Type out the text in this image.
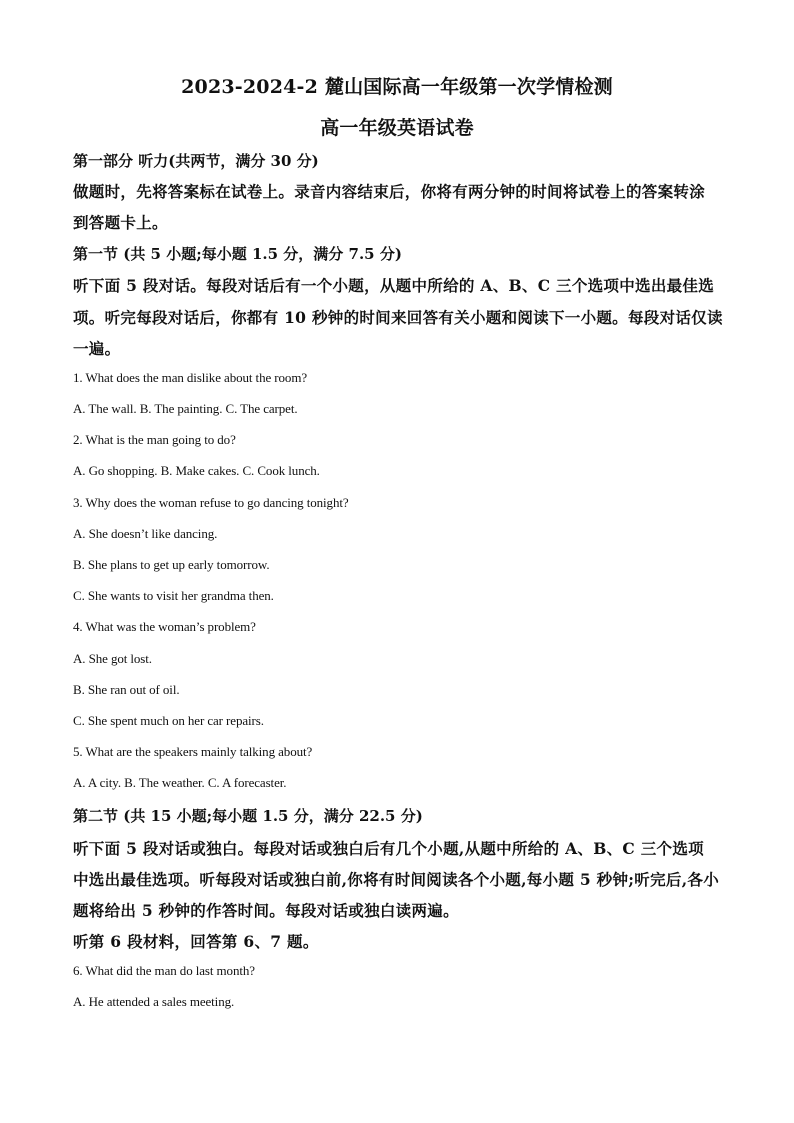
2023-2024-2 麓山国际高一年级第一次学情检测
高一年级英语试卷
第一部分 听力(共两节，满分 30 分)
做题时，先将答案标在试卷上。录音内容结束后，你将有两分钟的时间将试卷上的答案转涂
到答题卡上。
第一节 (共 5 小题;每小题 1.5 分，满分 7.5 分)
听下面 5 段对话。每段对话后有一个小题，从题中所给的 A、B、C 三个选项中选出最佳选
项。听完每段对话后，你都有 10 秒钟的时间来回答有关小题和阅读下一小题。每段对话仅读
一遍。
1. What does the man dislike about the room?
A. The wall. B. The painting. C. The carpet.
2. What is the man going to do?
A. Go shopping. B. Make cakes. C. Cook lunch.
3. Why does the woman refuse to go dancing tonight?
A. She doesn’t like dancing.
B. She plans to get up early tomorrow.
C. She wants to visit her grandma then.
4. What was the woman’s problem?
A. She got lost.
B. She ran out of oil.
C. She spent much on her car repairs.
5. What are the speakers mainly talking about?
A. A city. B. The weather. C. A forecaster.
第二节 (共 15 小题;每小题 1.5 分，满分 22.5 分)
听下面 5 段对话或独白。每段对话或独白后有几个小题,从题中所给的 A、B、C 三个选项
中选出最佳选项。听每段对话或独白前,你将有时间阅读各个小题,每小题 5 秒钟;听完后,各小
题将给出 5 秒钟的作答时间。每段对话或独白读两遍。
听第 6 段材料，回答第 6、7 题。
6. What did the man do last month?
A. He attended a sales meeting.
